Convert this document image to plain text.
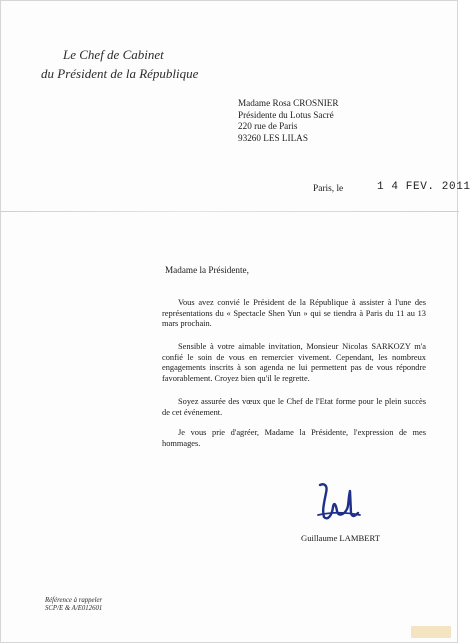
Le Chef de Cabinet
du Président de la République
Madame Rosa CROSNIER
Présidente du Lotus Sacré
220 rue de Paris
93260 LES LILAS
Paris, le	1 4 FEV. 2011
Madame la Présidente,
Vous avez convié le Président de la République à assister à l'une des représentations du « Spectacle Shen Yun » qui se tiendra à Paris du 11 au 13 mars prochain.
Sensible à votre aimable invitation, Monsieur Nicolas SARKOZY m'a confié le soin de vous en remercier vivement. Cependant, les nombreux engagements inscrits à son agenda ne lui permettent pas de vous répondre favorablement. Croyez bien qu'il le regrette.
Soyez assurée des vœux que le Chef de l'Etat forme pour le plein succès de cet événement.
Je vous prie d'agréer, Madame la Présidente, l'expression de mes hommages.
Guillaume LAMBERT
Référence à rappeler
SCP/E & A/E012601
